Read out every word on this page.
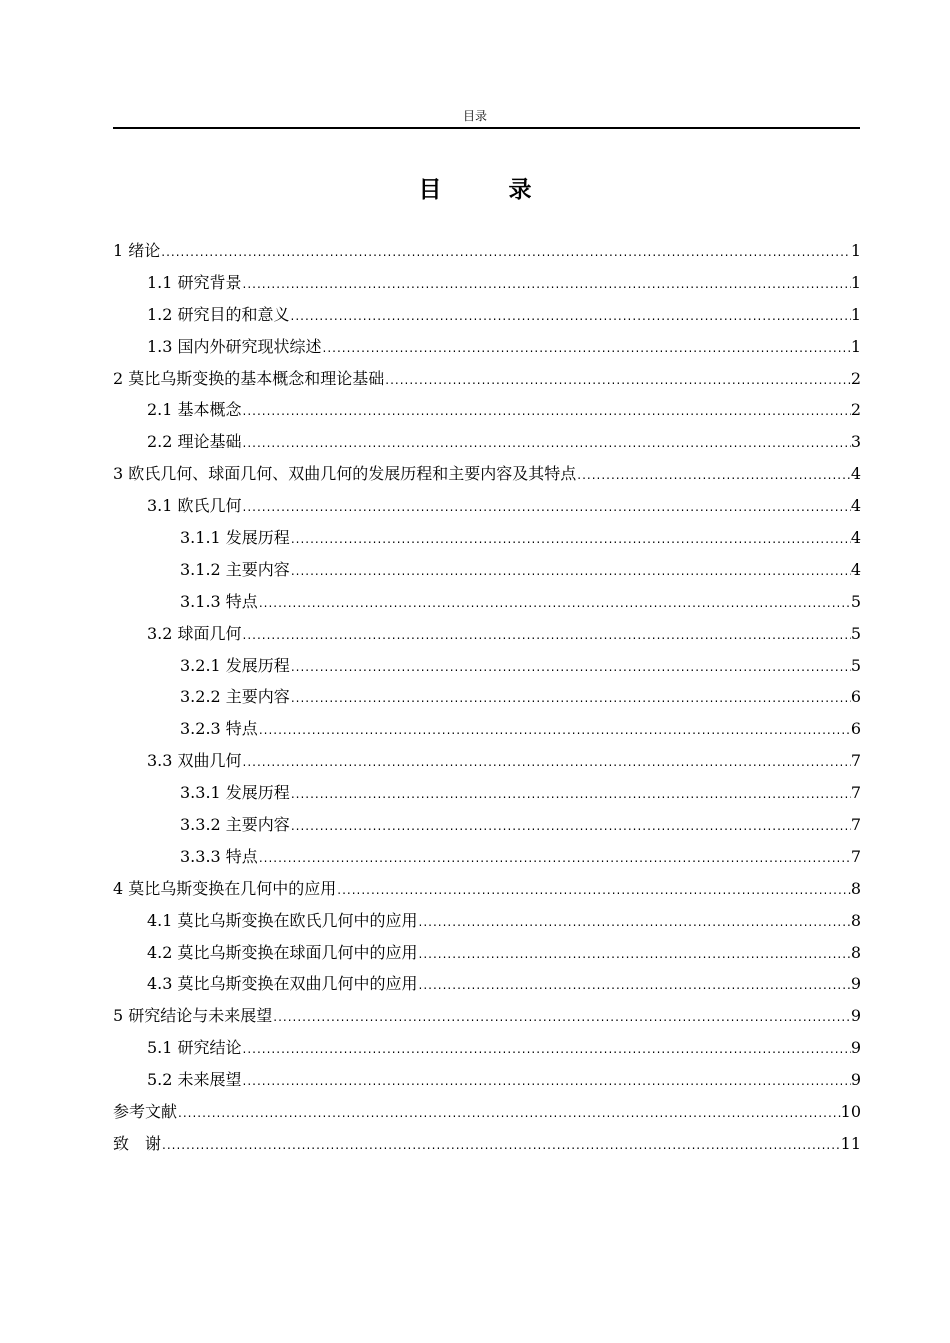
目录
目　录
1 绪论 .....	1
1.1 研究背景 .....	1
1.2 研究目的和意义 .....	1
1.3 国内外研究现状综述 .....	1
2 莫比乌斯变换的基本概念和理论基础 .....	2
2.1 基本概念 .....	2
2.2 理论基础 .....	3
3 欧氏几何、球面几何、双曲几何的发展历程和主要内容及其特点 .....	4
3.1 欧氏几何 .....	4
3.1.1 发展历程 .....	4
3.1.2 主要内容 .....	4
3.1.3 特点 .....	5
3.2 球面几何 .....	5
3.2.1 发展历程 .....	5
3.2.2 主要内容 .....	6
3.2.3 特点 .....	6
3.3 双曲几何 .....	7
3.3.1 发展历程 .....	7
3.3.2 主要内容 .....	7
3.3.3 特点 .....	7
4 莫比乌斯变换在几何中的应用 .....	8
4.1 莫比乌斯变换在欧氏几何中的应用 .....	8
4.2 莫比乌斯变换在球面几何中的应用 .....	8
4.3 莫比乌斯变换在双曲几何中的应用 .....	9
5 研究结论与未来展望 .....	9
5.1 研究结论 .....	9
5.2 未来展望 .....	9
参考文献 .....	10
致　谢 .....	11
